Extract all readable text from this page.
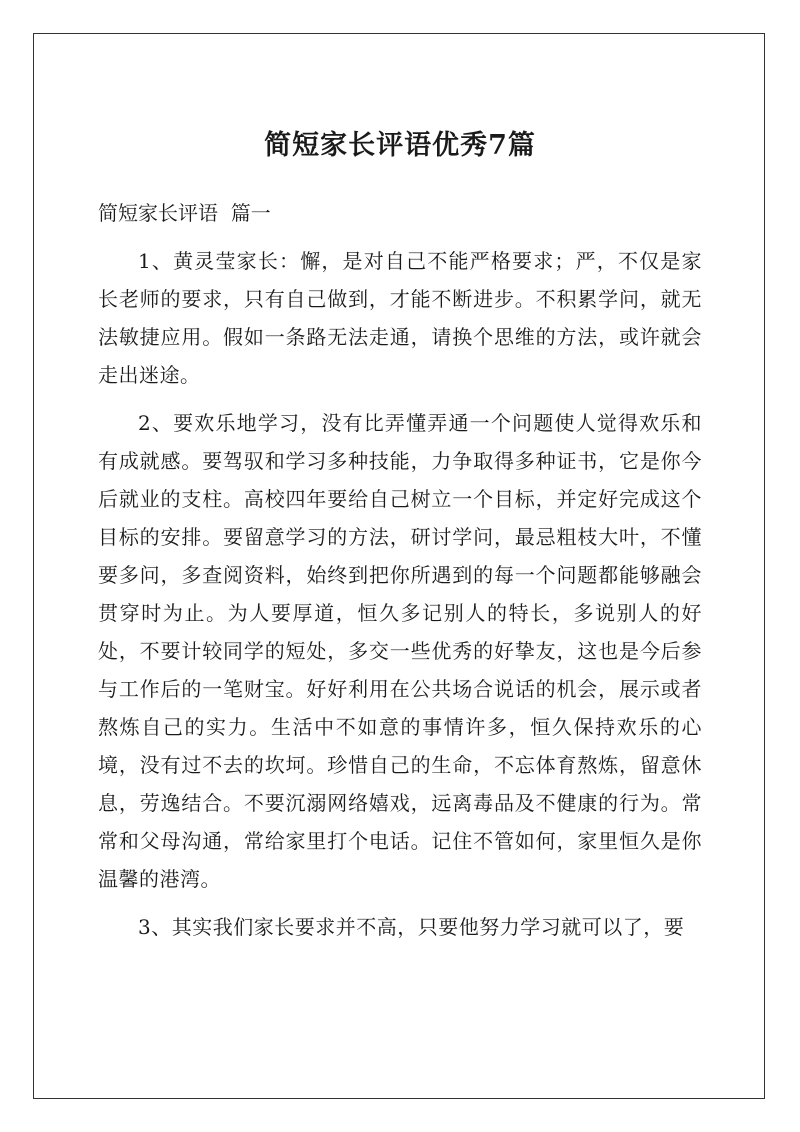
简短家长评语优秀7篇

简短家长评语  篇一

1、黄灵莹家长：懈，是对自己不能严格要求；严，不仅是家长老师的要求，只有自己做到，才能不断进步。不积累学问，就无法敏捷应用。假如一条路无法走通，请换个思维的方法，或许就会走出迷途。

2、要欢乐地学习，没有比弄懂弄通一个问题使人觉得欢乐和有成就感。要驾驭和学习多种技能，力争取得多种证书，它是你今后就业的支柱。高校四年要给自己树立一个目标，并定好完成这个目标的安排。要留意学习的方法，研讨学问，最忌粗枝大叶，不懂要多问，多查阅资料，始终到把你所遇到的每一个问题都能够融会贯穿时为止。为人要厚道，恒久多记别人的特长，多说别人的好处，不要计较同学的短处，多交一些优秀的好挚友，这也是今后参与工作后的一笔财宝。好好利用在公共场合说话的机会，展示或者熬炼自己的实力。生活中不如意的事情许多，恒久保持欢乐的心境，没有过不去的坎坷。珍惜自己的生命，不忘体育熬炼，留意休息，劳逸结合。不要沉溺网络嬉戏，远离毒品及不健康的行为。常常和父母沟通，常给家里打个电话。记住不管如何，家里恒久是你温馨的港湾。

3、其实我们家长要求并不高，只要他努力学习就可以了，要
